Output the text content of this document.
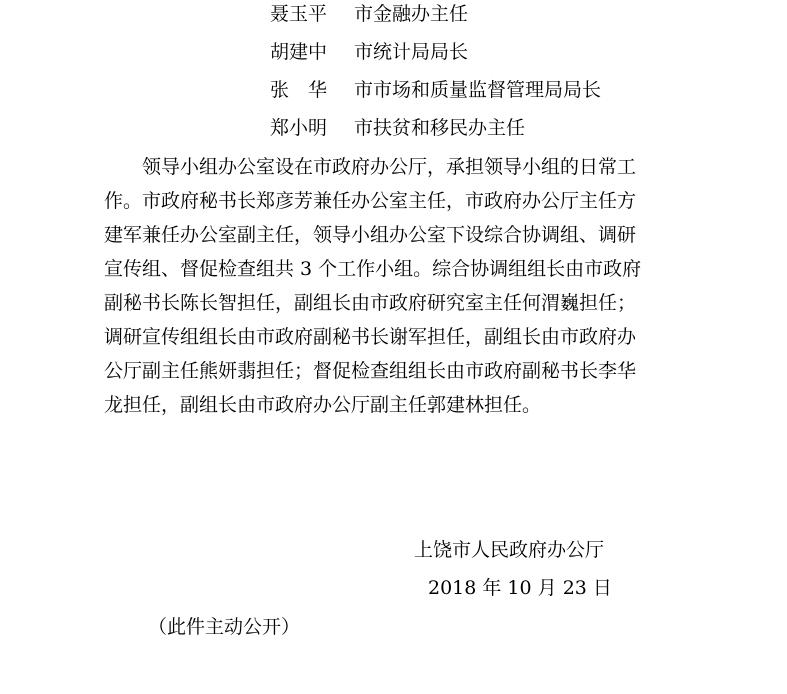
聂玉平 市金融办主任
胡建中 市统计局局长
张　华 市市场和质量监督管理局局长
郑小明 市扶贫和移民办主任
　　领导小组办公室设在市政府办公厅，承担领导小组的日常工
作。市政府秘书长郑彦芳兼任办公室主任，市政府办公厅主任方
建军兼任办公室副主任，领导小组办公室下设综合协调组、调研
宣传组、督促检查组共 3 个工作小组。综合协调组组长由市政府
副秘书长陈长智担任，副组长由市政府研究室主任何渭巍担任；
调研宣传组组长由市政府副秘书长谢军担任，副组长由市政府办
公厅副主任熊妍翡担任；督促检查组组长由市政府副秘书长李华
龙担任，副组长由市政府办公厅副主任郭建林担任。
上饶市人民政府办公厅
2018 年 10 月 23 日
（此件主动公开）
